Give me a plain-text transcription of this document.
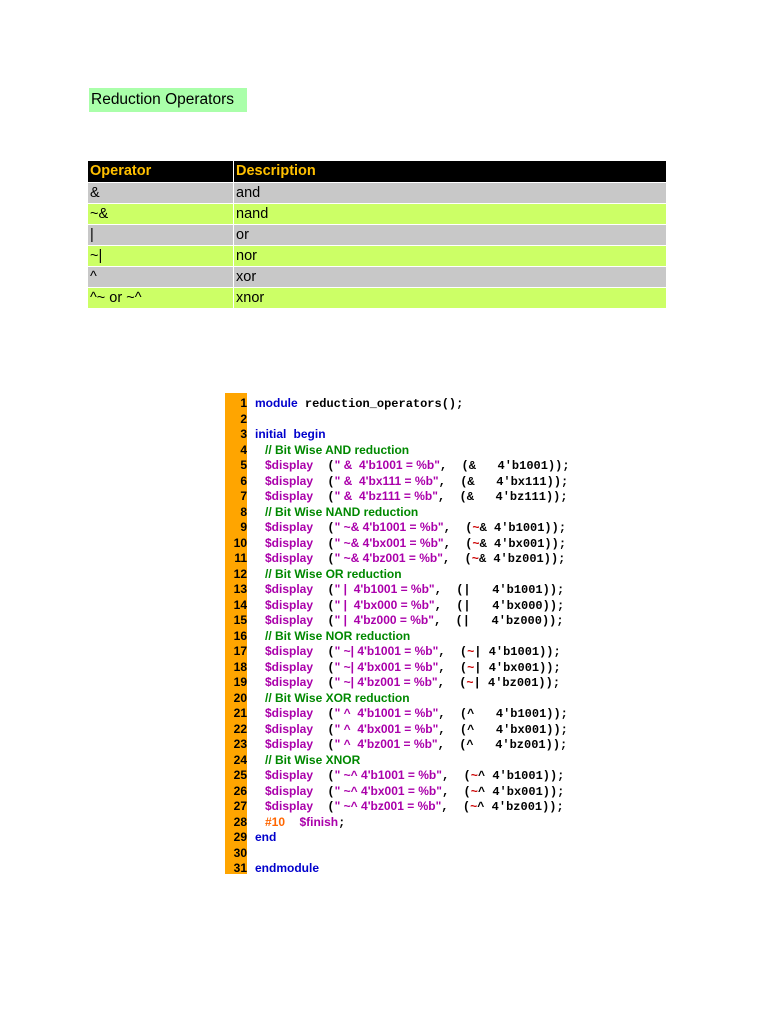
Reduction Operators
Operator	Description
&	and
~&	nand
|	or
~|	nor
^	xor
^~ or ~^	xnor
1 module reduction_operators();
2
3 initial begin
4 // Bit Wise AND reduction
5 $display  (" &  4'b1001 = %b",  (&   4'b1001));
6 $display  (" &  4'bx111 = %b",  (&   4'bx111));
7 $display  (" &  4'bz111 = %b",  (&   4'bz111));
8 // Bit Wise NAND reduction
9 $display  (" ~& 4'b1001 = %b",  (~& 4'b1001));
10 $display  (" ~& 4'bx001 = %b",  (~& 4'bx001));
11 $display  (" ~& 4'bz001 = %b",  (~& 4'bz001));
12 // Bit Wise OR reduction
13 $display  (" |  4'b1001 = %b",  (|   4'b1001));
14 $display  (" |  4'bx000 = %b",  (|   4'bx000));
15 $display  (" |  4'bz000 = %b",  (|   4'bz000));
16 // Bit Wise NOR reduction
17 $display  (" ~| 4'b1001 = %b",  (~| 4'b1001));
18 $display  (" ~| 4'bx001 = %b",  (~| 4'bx001));
19 $display  (" ~| 4'bz001 = %b",  (~| 4'bz001));
20 // Bit Wise XOR reduction
21 $display  (" ^  4'b1001 = %b",  (^   4'b1001));
22 $display  (" ^  4'bx001 = %b",  (^   4'bx001));
23 $display  (" ^  4'bz001 = %b",  (^   4'bz001));
24 // Bit Wise XNOR
25 $display  (" ~^ 4'b1001 = %b",  (~^ 4'b1001));
26 $display  (" ~^ 4'bx001 = %b",  (~^ 4'bx001));
27 $display  (" ~^ 4'bz001 = %b",  (~^ 4'bz001));
28 #10 $finish;
29 end
30
31 endmodule
